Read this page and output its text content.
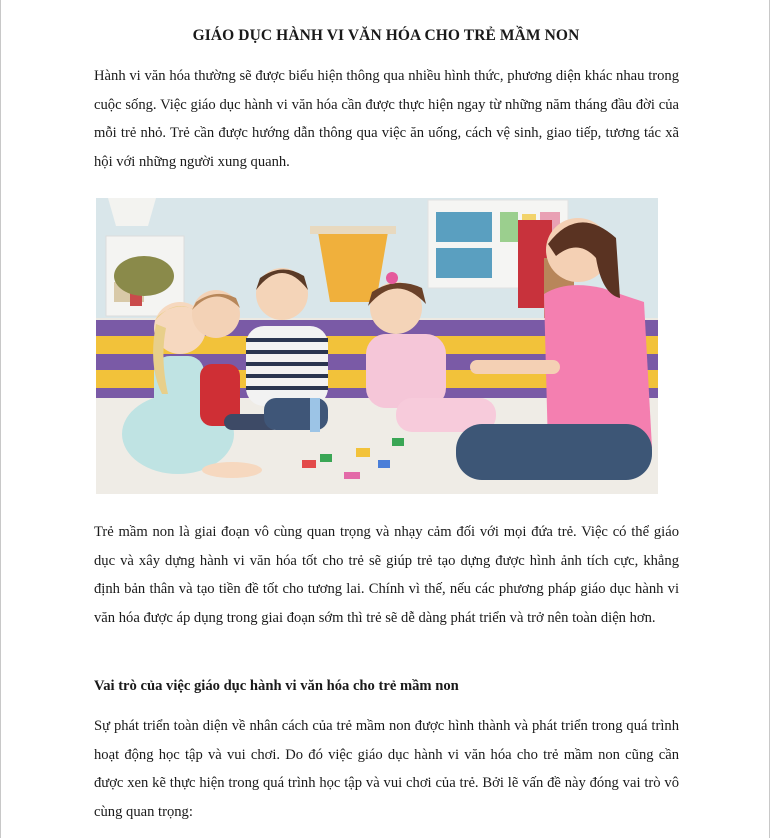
GIÁO DỤC HÀNH VI VĂN HÓA CHO TRẺ MẦM NON

Hành vi văn hóa thường sẽ được biểu hiện thông qua nhiều hình thức, phương diện khác nhau trong cuộc sống. Việc giáo dục hành vi văn hóa cần được thực hiện ngay từ những năm tháng đầu đời của mỗi trẻ nhỏ. Trẻ cần được hướng dẫn thông qua việc ăn uống, cách vệ sinh, giao tiếp, tương tác xã hội với những người xung quanh.

Trẻ mầm non là giai đoạn vô cùng quan trọng và nhạy cảm đối với mọi đứa trẻ. Việc có thể giáo dục và xây dựng hành vi văn hóa tốt cho trẻ sẽ giúp trẻ tạo dựng được hình ảnh tích cực, khẳng định bản thân và tạo tiền đề tốt cho tương lai. Chính vì thế, nếu các phương pháp giáo dục hành vi văn hóa được áp dụng trong giai đoạn sớm thì trẻ sẽ dễ dàng phát triển và trở nên toàn diện hơn.

Vai trò của việc giáo dục hành vi văn hóa cho trẻ mầm non

Sự phát triển toàn diện về nhân cách của trẻ mầm non được hình thành và phát triển trong quá trình hoạt động học tập và vui chơi. Do đó việc giáo dục hành vi văn hóa cho trẻ mầm non cũng cần được xen kẽ thực hiện trong quá trình học tập và vui chơi của trẻ. Bởi lẽ vấn đề này đóng vai trò vô cùng quan trọng:
